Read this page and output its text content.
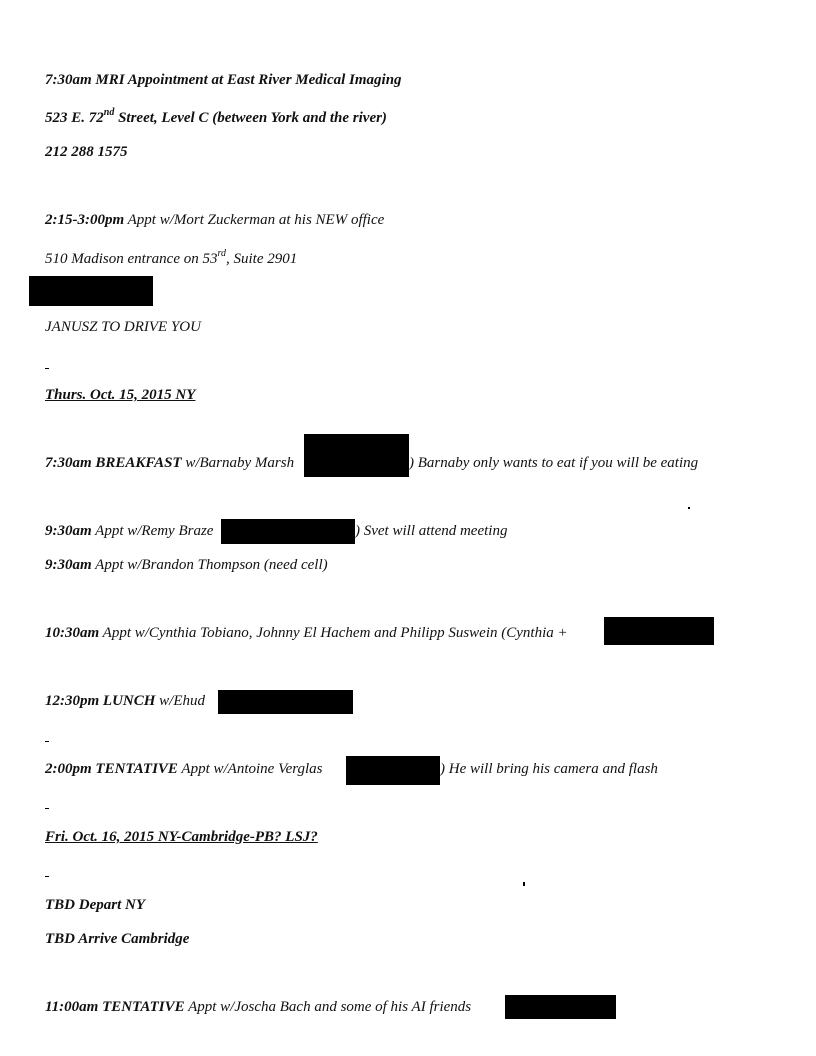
7:30am MRI Appointment at East River Medical Imaging
523 E. 72nd Street, Level C (between York and the river)
212 288 1575
2:15-3:00pm Appt w/Mort Zuckerman at his NEW office
510 Madison entrance on 53rd, Suite 2901
JANUSZ TO DRIVE YOU
Thurs. Oct. 15, 2015 NY
7:30am BREAKFAST w/Barnaby Marsh	) Barnaby only wants to eat if you will be eating
9:30am Appt w/Remy Braze	) Svet will attend meeting
9:30am Appt w/Brandon Thompson (need cell)
10:30am Appt w/Cynthia Tobiano, Johnny El Hachem and Philipp Suswein (Cynthia +
12:30pm LUNCH w/Ehud
2:00pm TENTATIVE Appt w/Antoine Verglas	) He will bring his camera and flash
Fri. Oct. 16, 2015 NY-Cambridge-PB? LSJ?
TBD Depart NY
TBD Arrive Cambridge
11:00am TENTATIVE Appt w/Joscha Bach and some of his AI friends
